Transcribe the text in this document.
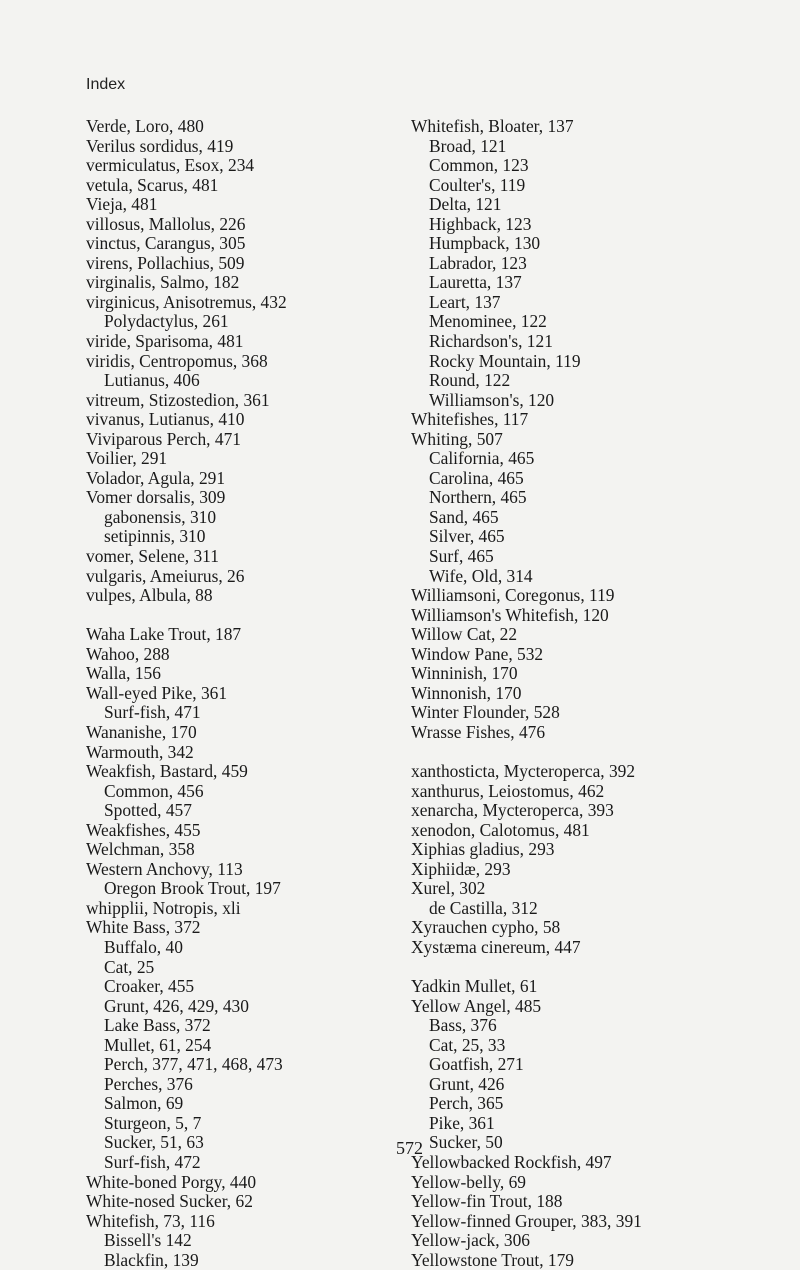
Index
Verde, Loro, 480
Verilus sordidus, 419
vermiculatus, Esox, 234
vetula, Scarus, 481
Vieja, 481
villosus, Mallolus, 226
vinctus, Carangus, 305
virens, Pollachius, 509
virginalis, Salmo, 182
virginicus, Anisotremus, 432
Polydactylus, 261
viride, Sparisoma, 481
viridis, Centropomus, 368
Lutianus, 406
vitreum, Stizostedion, 361
vivanus, Lutianus, 410
Viviparous Perch, 471
Voilier, 291
Volador, Agula, 291
Vomer dorsalis, 309
gabonensis, 310
setipinnis, 310
vomer, Selene, 311
vulgaris, Ameiurus, 26
vulpes, Albula, 88
Waha Lake Trout, 187
Wahoo, 288
Walla, 156
Wall-eyed Pike, 361
Surf-fish, 471
Wananishe, 170
Warmouth, 342
Weakfish, Bastard, 459
Common, 456
Spotted, 457
Weakfishes, 455
Welchman, 358
Western Anchovy, 113
Oregon Brook Trout, 197
whipplii, Notropis, xli
White Bass, 372
Buffalo, 40
Cat, 25
Croaker, 455
Grunt, 426, 429, 430
Lake Bass, 372
Mullet, 61, 254
Perch, 377, 471, 468, 473
Perches, 376
Salmon, 69
Sturgeon, 5, 7
Sucker, 51, 63
Surf-fish, 472
White-boned Porgy, 440
White-nosed Sucker, 62
Whitefish, 73, 116
Bissell's 142
Blackfin, 139
Whitefish, Bloater, 137
Broad, 121
Common, 123
Coulter's, 119
Delta, 121
Highback, 123
Humpback, 130
Labrador, 123
Lauretta, 137
Leart, 137
Menominee, 122
Richardson's, 121
Rocky Mountain, 119
Round, 122
Williamson's, 120
Whitefishes, 117
Whiting, 507
California, 465
Carolina, 465
Northern, 465
Sand, 465
Silver, 465
Surf, 465
Wife, Old, 314
Williamsoni, Coregonus, 119
Williamson's Whitefish, 120
Willow Cat, 22
Window Pane, 532
Winninish, 170
Winnonish, 170
Winter Flounder, 528
Wrasse Fishes, 476
xanthosticta, Mycteroperca, 392
xanthurus, Leiostomus, 462
xenarcha, Mycteroperca, 393
xenodon, Calotomus, 481
Xiphias gladius, 293
Xiphiidæ, 293
Xurel, 302
de Castilla, 312
Xyrauchen cypho, 58
Xystæma cinereum, 447
Yadkin Mullet, 61
Yellow Angel, 485
Bass, 376
Cat, 25, 33
Goatfish, 271
Grunt, 426
Perch, 365
Pike, 361
Sucker, 50
Yellowbacked Rockfish, 497
Yellow-belly, 69
Yellow-fin Trout, 188
Yellow-finned Grouper, 383, 391
Yellow-jack, 306
Yellowstone Trout, 179
572
